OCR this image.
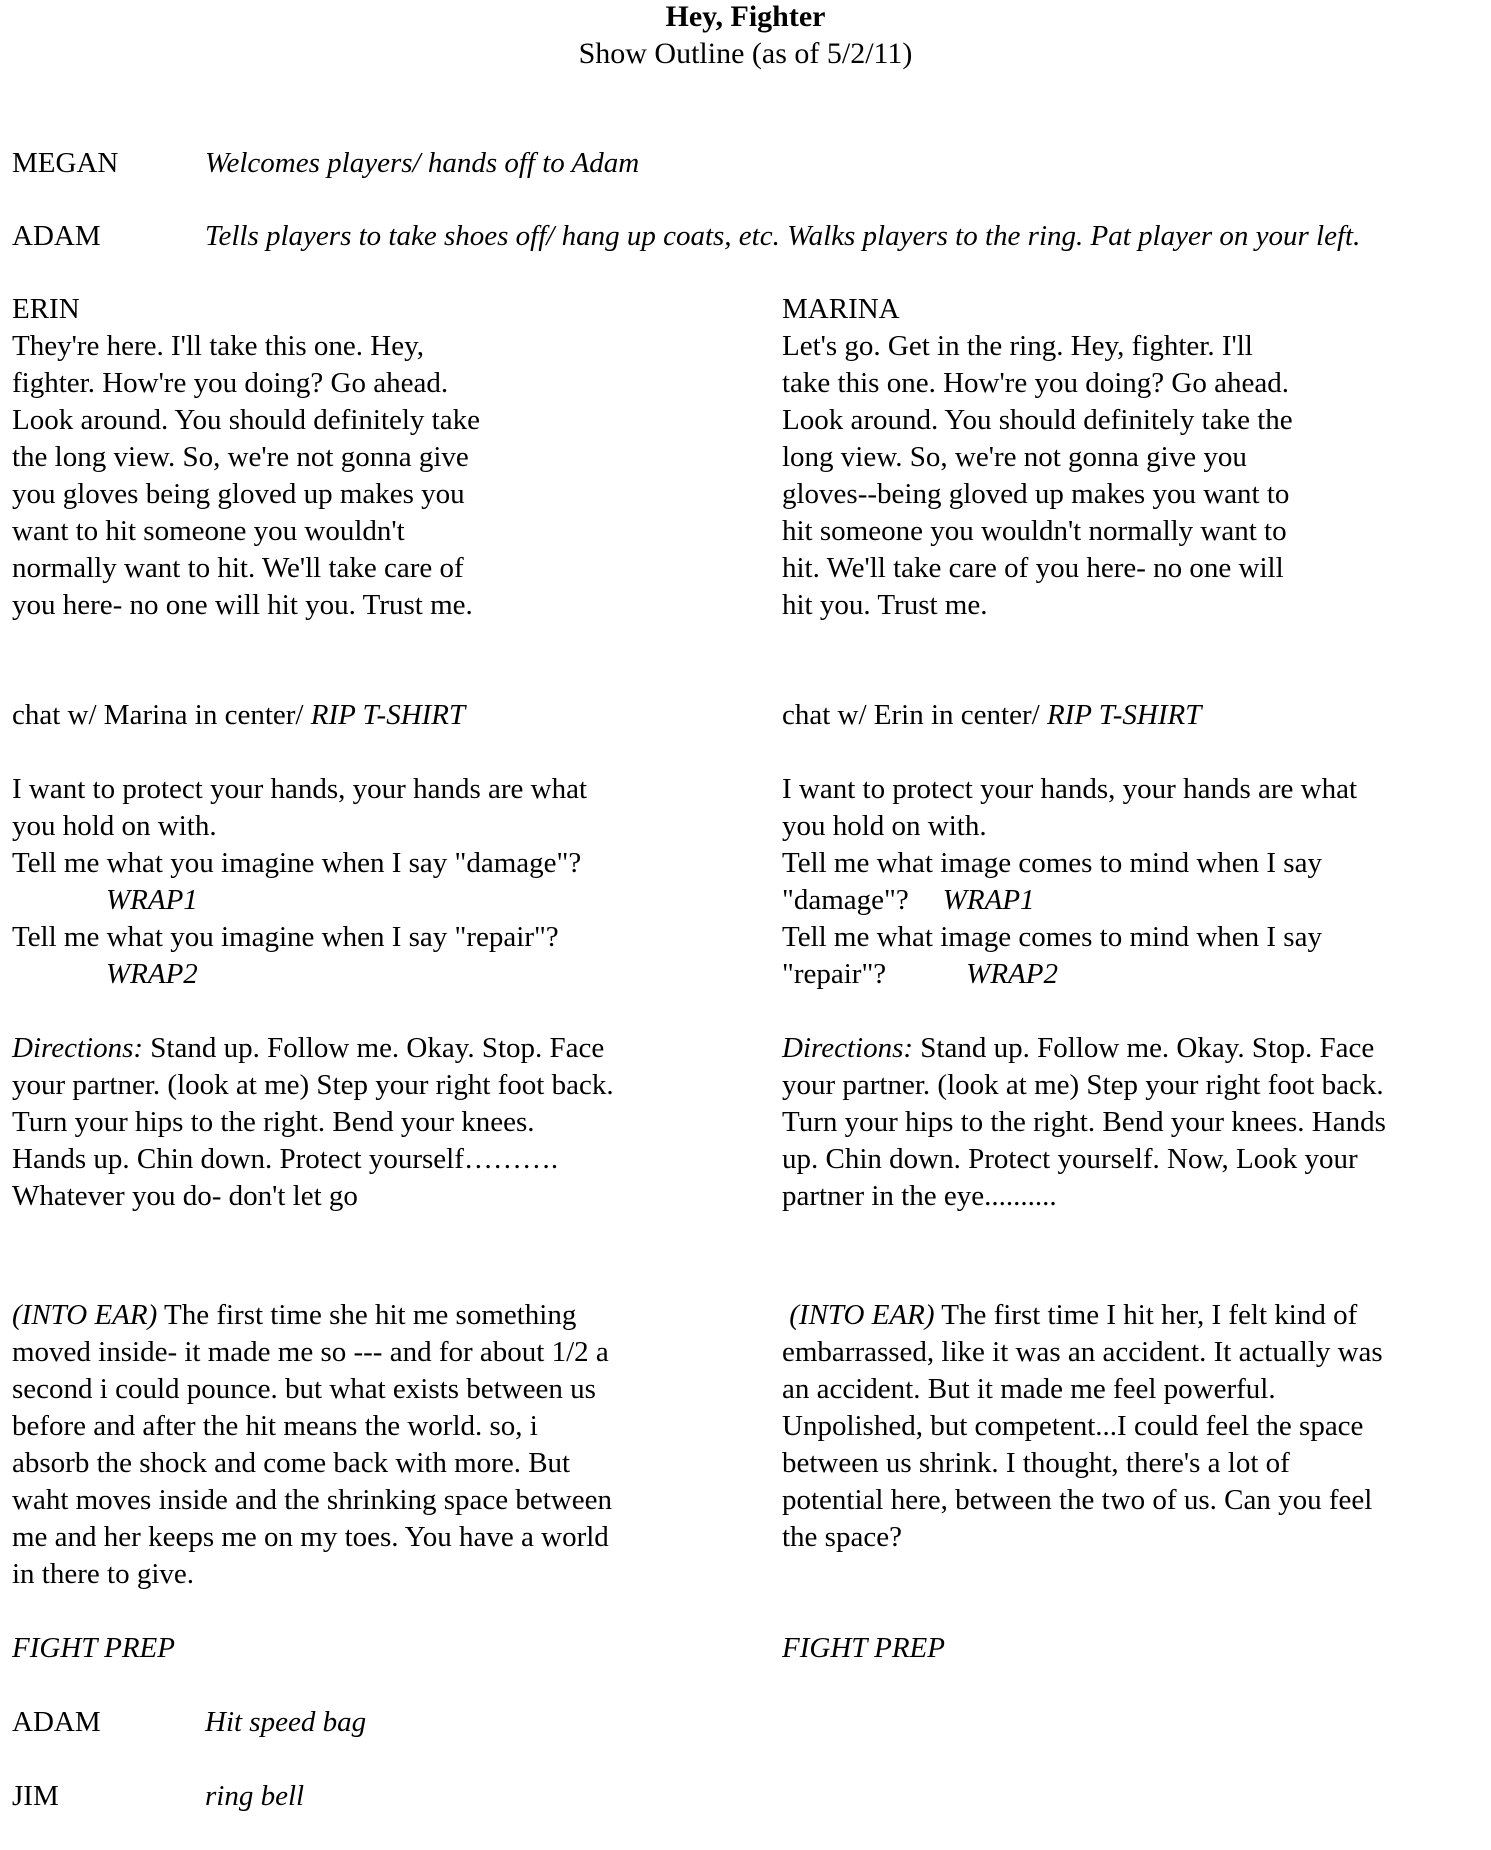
Hey, Fighter
Show Outline (as of 5/2/11)
MEGAN	Welcomes players/ hands off to Adam
ADAM	Tells players to take shoes off/ hang up coats, etc. Walks players to the ring. Pat player on your left.
ERIN
They're here. I'll take this one. Hey,
fighter. How're you doing? Go ahead.
Look around. You should definitely take
the long view. So, we're not gonna give
you gloves being gloved up makes you
want to hit someone you wouldn't
normally want to hit. We'll take care of
you here- no one will hit you. Trust me.
chat w/ Marina in center/ RIP T-SHIRT
I want to protect your hands, your hands are what
you hold on with.
Tell me what you imagine when I say "damage"?
WRAP1
Tell me what you imagine when I say "repair"?
WRAP2
Directions: Stand up. Follow me. Okay. Stop. Face
your partner. (look at me) Step your right foot back.
Turn your hips to the right. Bend your knees.
Hands up. Chin down. Protect yourself……….
Whatever you do- don't let go
(INTO EAR) The first time she hit me something
moved inside- it made me so --- and for about 1/2 a
second i could pounce. but what exists between us
before and after the hit means the world. so, i
absorb the shock and come back with more. But
waht moves inside and the shrinking space between
me and her keeps me on my toes. You have a world
in there to give.
FIGHT PREP
MARINA
Let's go. Get in the ring. Hey, fighter. I'll
take this one. How're you doing? Go ahead.
Look around. You should definitely take the
long view. So, we're not gonna give you
gloves--being gloved up makes you want to
hit someone you wouldn't normally want to
hit. We'll take care of you here- no one will
hit you. Trust me.
chat w/ Erin in center/ RIP T-SHIRT
I want to protect your hands, your hands are what
you hold on with.
Tell me what image comes to mind when I say
"damage"? WRAP1
Tell me what image comes to mind when I say
"repair"?	WRAP2
Directions: Stand up. Follow me. Okay. Stop. Face
your partner. (look at me) Step your right foot back.
Turn your hips to the right. Bend your knees. Hands
up. Chin down. Protect yourself. Now, Look your
partner in the eye..........
(INTO EAR) The first time I hit her, I felt kind of
embarrassed, like it was an accident. It actually was
an accident. But it made me feel powerful.
Unpolished, but competent...I could feel the space
between us shrink. I thought, there's a lot of
potential here, between the two of us. Can you feel
the space?
FIGHT PREP
ADAM	Hit speed bag
JIM	ring bell
